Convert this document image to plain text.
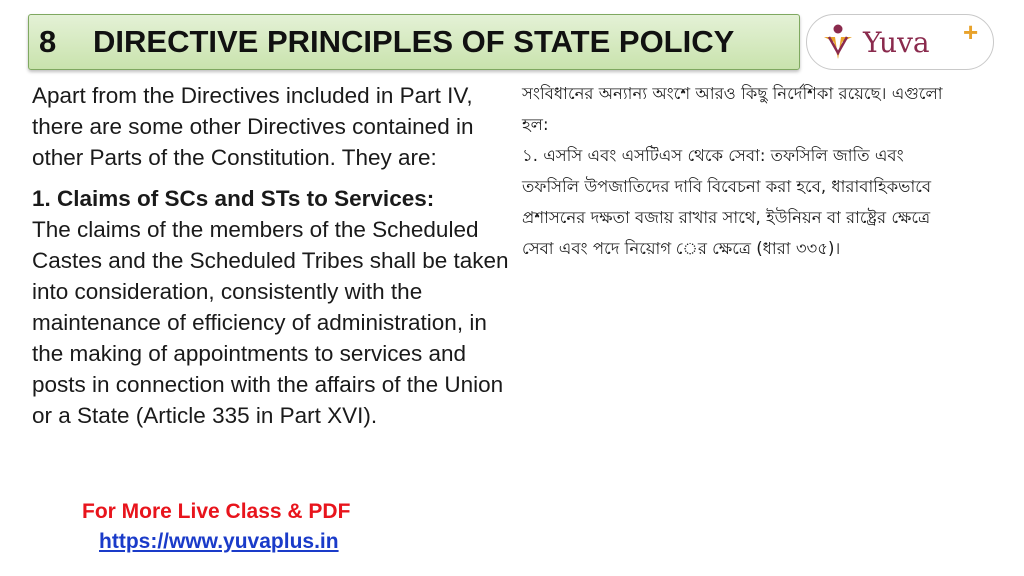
8	DIRECTIVE PRINCIPLES OF STATE POLICY	Yuva +

Apart from the Directives included in Part IV, there are some other Directives contained in other Parts of the Constitution. They are:

1. Claims of SCs and STs to Services:

The claims of the members of the Scheduled Castes and the Scheduled Tribes shall be taken into consideration, consistently with the maintenance of efficiency of administration, in the making of appointments to services and posts in connection with the affairs of the Union or a State (Article 335 in Part XVI).

সংবিধানের অন্যান্য অংশে আরও কিছু নির্দেশিকা রয়েছে। এগুলো হল:

১. এসসি এবং এসটিএস থেকে সেবা: তফসিলি জাতি এবং তফসিলি উপজাতিদের দাবি বিবেচনা করা হবে, ধারাবাহিকভাবে প্রশাসনের দক্ষতা বজায় রাখার সাথে, ইউনিয়ন বা রাষ্ট্রের ক্ষেত্রে সেবা এবং পদে নিয়োগ ের ক্ষেত্রে (ধারা ৩৩৫)।

For More Live Class & PDF
https://www.yuvaplus.in
